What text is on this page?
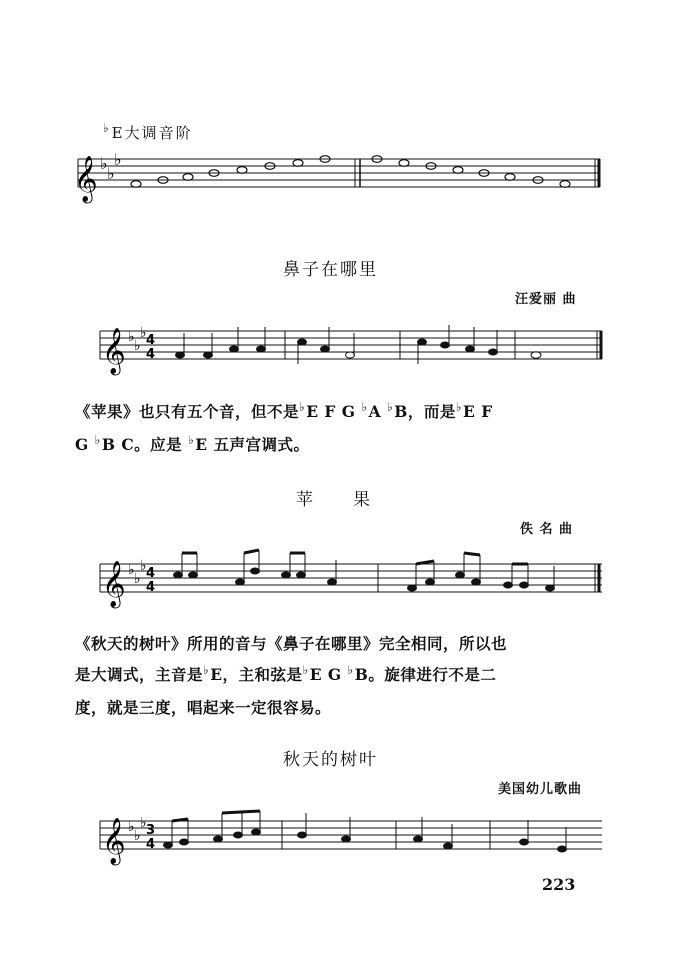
♭E大调音阶
𝄞 ♭
♭
♭
鼻子在哪里
汪爱丽 曲
𝄞 ♭
♭
♭ 4
4
《苹果》也只有五个音，但不是♭E F G ♭A ♭B，而是♭E F
G ♭B C。应是 ♭E 五声宫调式。
苹　　果
佚 名 曲
𝄞 ♭
♭
♭ 4
4
《秋天的树叶》所用的音与《鼻子在哪里》完全相同，所以也
是大调式，主音是♭E，主和弦是♭E G ♭B。旋律进行不是二
度，就是三度，唱起来一定很容易。
秋天的树叶
美国幼儿歌曲
𝄞 ♭
♭
♭ 3
4
223
